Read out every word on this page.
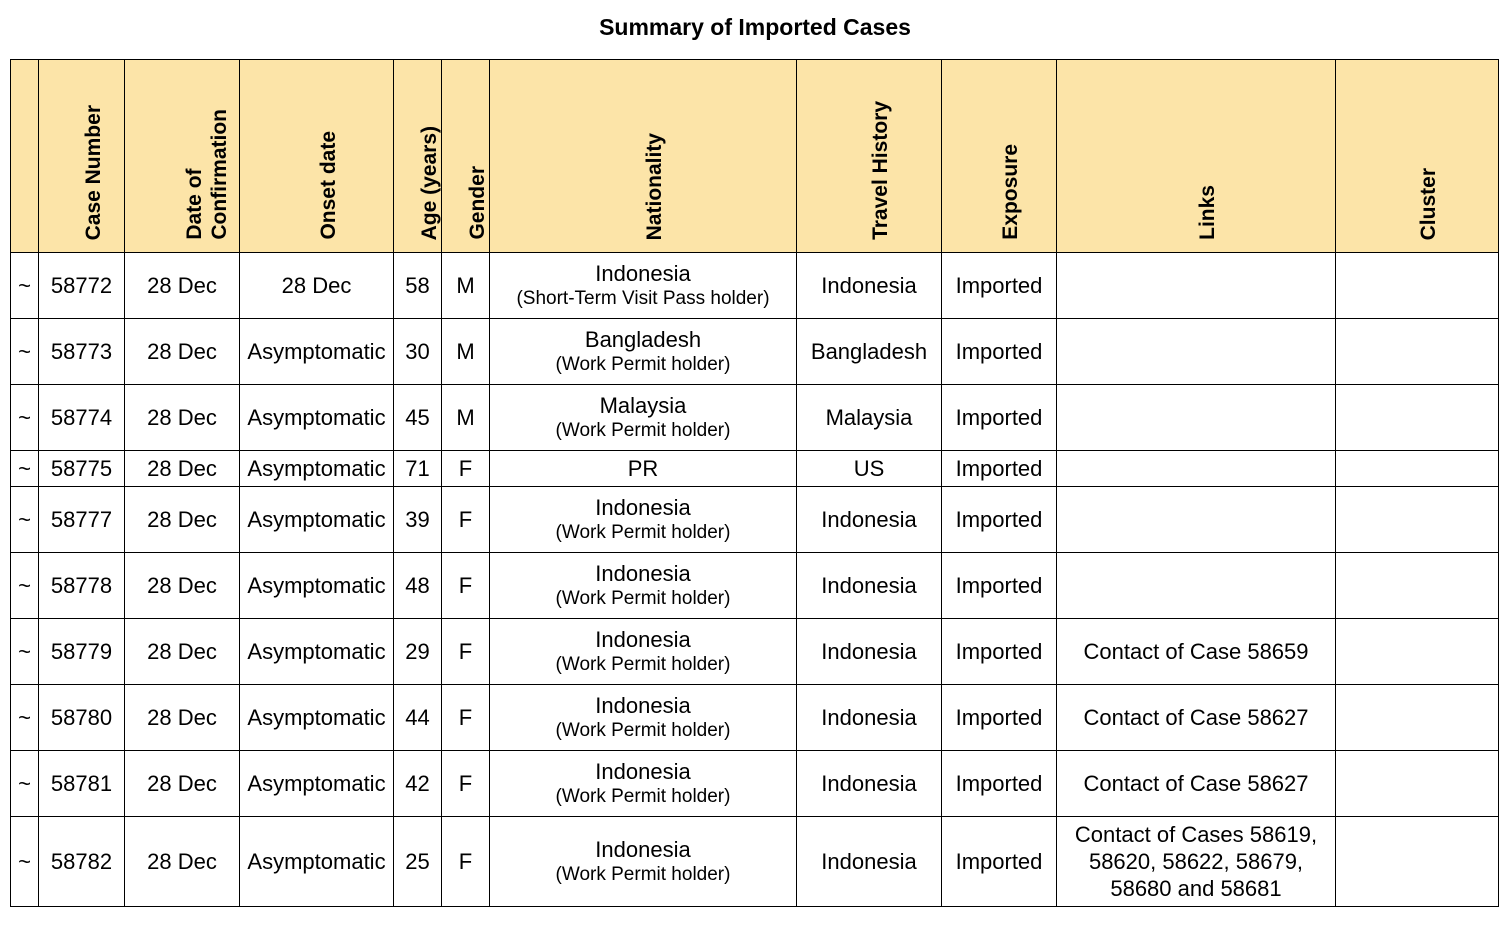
Summary of Imported Cases

	Case Number	Date of
Confirmation	Onset date	Age (years)	Gender	Nationality	Travel History	Exposure	Links	Cluster

~	58772	28 Dec	28 Dec	58	M	Indonesia
(Short-Term Visit Pass holder)	Indonesia	Imported		
~	58773	28 Dec	Asymptomatic	30	M	Bangladesh
(Work Permit holder)	Bangladesh	Imported		
~	58774	28 Dec	Asymptomatic	45	M	Malaysia
(Work Permit holder)	Malaysia	Imported		
~	58775	28 Dec	Asymptomatic	71	F	PR	US	Imported		
~	58777	28 Dec	Asymptomatic	39	F	Indonesia
(Work Permit holder)	Indonesia	Imported		
~	58778	28 Dec	Asymptomatic	48	F	Indonesia
(Work Permit holder)	Indonesia	Imported		
~	58779	28 Dec	Asymptomatic	29	F	Indonesia
(Work Permit holder)	Indonesia	Imported	Contact of Case 58659	
~	58780	28 Dec	Asymptomatic	44	F	Indonesia
(Work Permit holder)	Indonesia	Imported	Contact of Case 58627	
~	58781	28 Dec	Asymptomatic	42	F	Indonesia
(Work Permit holder)	Indonesia	Imported	Contact of Case 58627	
~	58782	28 Dec	Asymptomatic	25	F	Indonesia
(Work Permit holder)	Indonesia	Imported	Contact of Cases 58619, 58620, 58622, 58679, 58680 and 58681	
